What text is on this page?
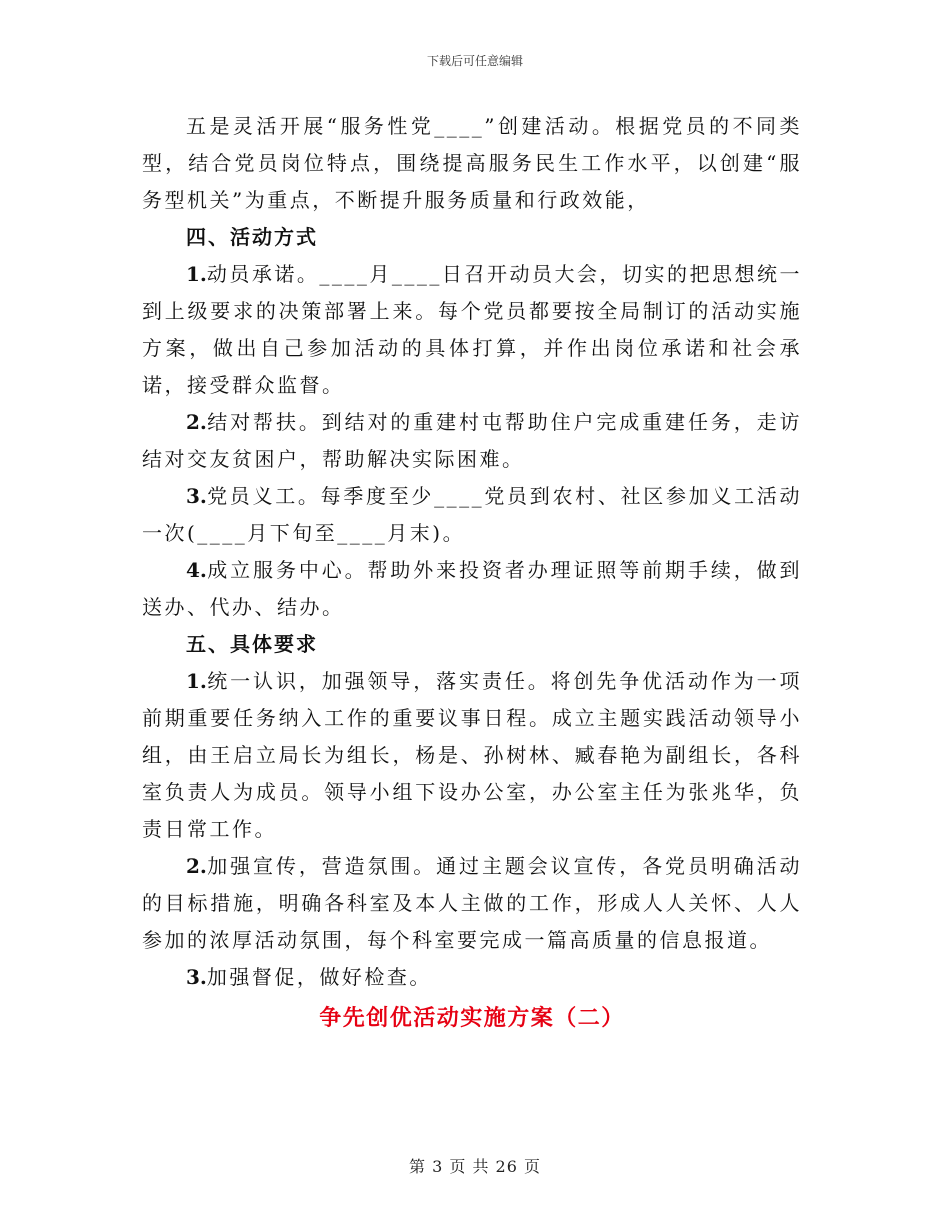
下载后可任意编辑

五是灵活开展“服务性党____”创建活动。根据党员的不同类型，结合党员岗位特点，围绕提高服务民生工作水平，以创建“服务型机关”为重点，不断提升服务质量和行政效能，

四、活动方式

1.动员承诺。____月____日召开动员大会，切实的把思想统一到上级要求的决策部署上来。每个党员都要按全局制订的活动实施方案，做出自己参加活动的具体打算，并作出岗位承诺和社会承诺，接受群众监督。

2.结对帮扶。到结对的重建村屯帮助住户完成重建任务，走访结对交友贫困户，帮助解决实际困难。

3.党员义工。每季度至少____党员到农村、社区参加义工活动一次(____月下旬至____月末)。

4.成立服务中心。帮助外来投资者办理证照等前期手续，做到送办、代办、结办。

五、具体要求

1.统一认识，加强领导，落实责任。将创先争优活动作为一项前期重要任务纳入工作的重要议事日程。成立主题实践活动领导小组，由王启立局长为组长，杨是、孙树林、臧春艳为副组长，各科室负责人为成员。领导小组下设办公室，办公室主任为张兆华，负责日常工作。

2.加强宣传，营造氛围。通过主题会议宣传，各党员明确活动的目标措施，明确各科室及本人主做的工作，形成人人关怀、人人参加的浓厚活动氛围，每个科室要完成一篇高质量的信息报道。

3.加强督促，做好检查。

争先创优活动实施方案（二）
第 3 页 共 26 页
